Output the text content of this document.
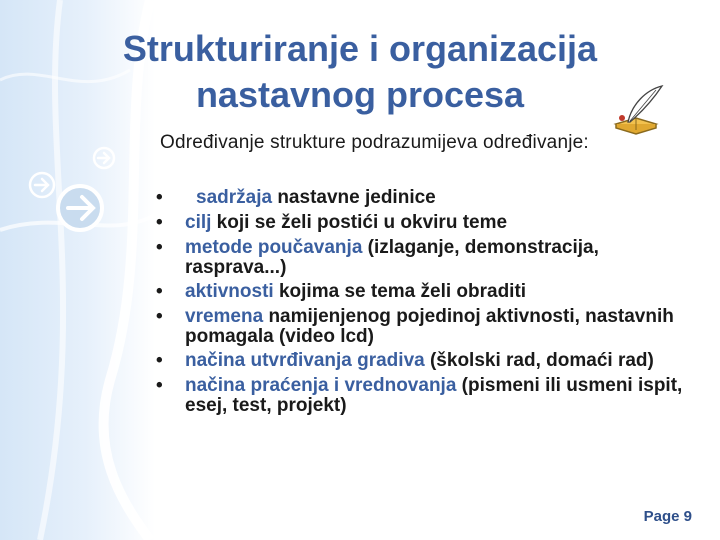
Strukturiranje i organizacija
nastavnog procesa
Određivanje strukture podrazumijeva određivanje:
• sadržaja nastavne jedinice
• cilj koji se želi postići u okviru teme
• metode poučavanja (izlaganje, demonstracija, rasprava...)
• aktivnosti kojima se tema želi obraditi
• vremena namijenjenog pojedinoj aktivnosti, nastavnih pomagala (video lcd)
• načina utvrđivanja gradiva (školski rad, domaći rad)
• načina praćenja i vrednovanja (pismeni ili usmeni ispit, esej, test, projekt)
Page 9
